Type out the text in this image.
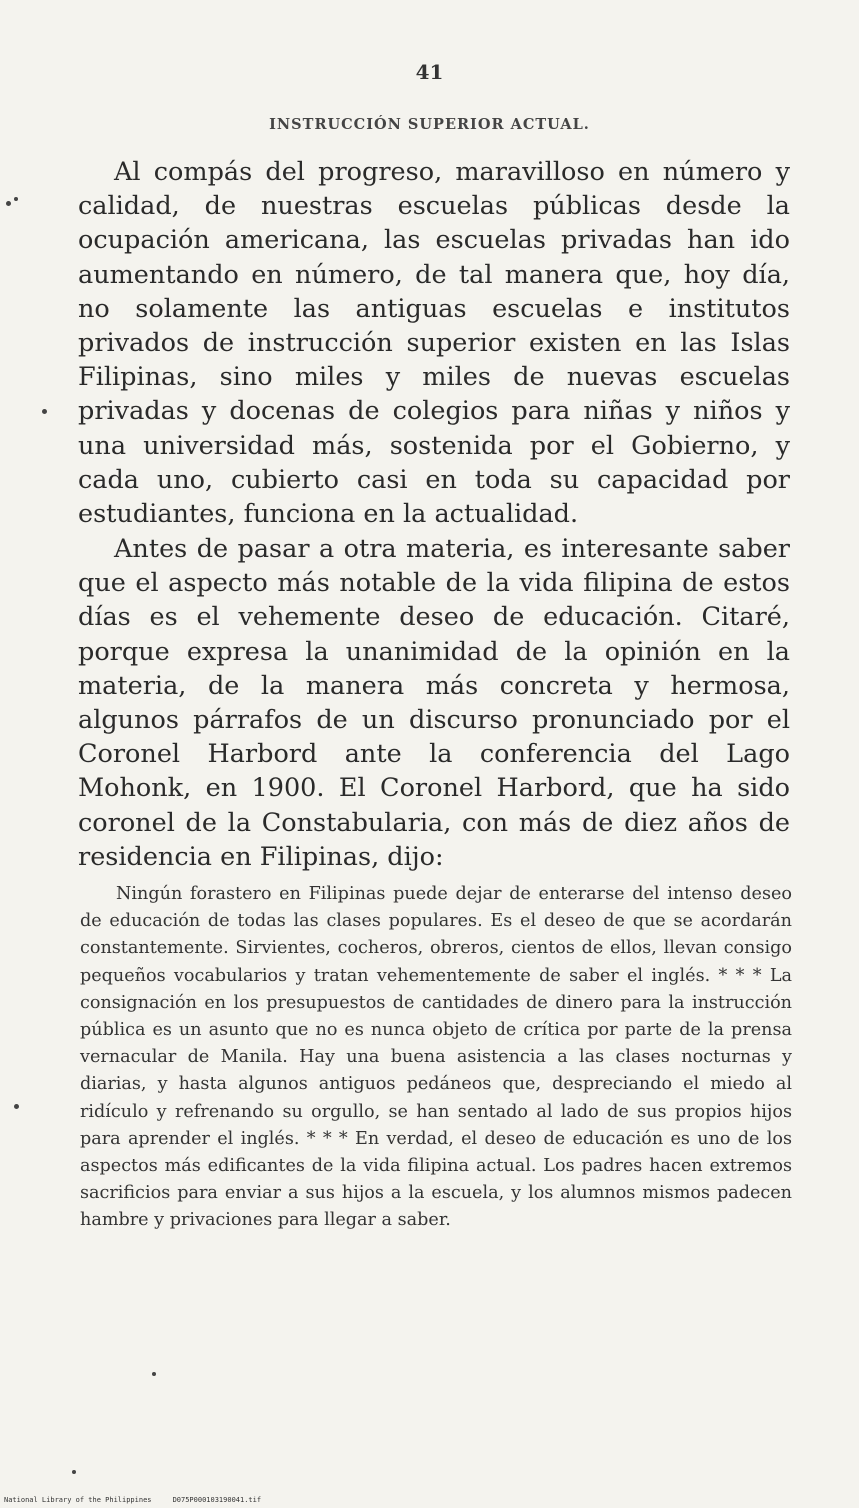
41
INSTRUCCIÓN SUPERIOR ACTUAL.

Al compás del progreso, maravilloso en número y calidad, de nuestras escuelas públicas desde la ocupación americana, las escuelas privadas han ido aumentando en número, de tal manera que, hoy día, no solamente las antiguas escuelas e institutos privados de instrucción superior existen en las Islas Filipinas, sino miles y miles de nuevas escuelas privadas y docenas de colegios para niñas y niños y una universidad más, sostenida por el Gobierno, y cada uno, cubierto casi en toda su capacidad por estudiantes, funciona en la actualidad.

Antes de pasar a otra materia, es interesante saber que el aspecto más notable de la vida filipina de estos días es el vehemente deseo de educación. Citaré, porque expresa la unanimidad de la opinión en la materia, de la manera más concreta y hermosa, algunos párrafos de un discurso pronunciado por el Coronel Harbord ante la conferencia del Lago Mohonk, en 1900. El Coronel Harbord, que ha sido coronel de la Constabularia, con más de diez años de residencia en Filipinas, dijo:

Ningún forastero en Filipinas puede dejar de enterarse del intenso deseo de educación de todas las clases populares. Es el deseo de que se acordarán constantemente. Sirvientes, cocheros, obreros, cientos de ellos, llevan consigo pequeños vocabularios y tratan vehementemente de saber el inglés. * * * La consignación en los presupuestos de cantidades de dinero para la instrucción pública es un asunto que no es nunca objeto de crítica por parte de la prensa vernacular de Manila. Hay una buena asistencia a las clases nocturnas y diarias, y hasta algunos antiguos pedáneos que, despreciando el miedo al ridículo y refrenando su orgullo, se han sentado al lado de sus propios hijos para aprender el inglés. * * * En verdad, el deseo de educación es uno de los aspectos más edificantes de la vida filipina actual. Los padres hacen extremos sacrificios para enviar a sus hijos a la escuela, y los alumnos mismos padecen hambre y privaciones para llegar a saber.

National Library of the Philippines     D075P000103190041.tif
